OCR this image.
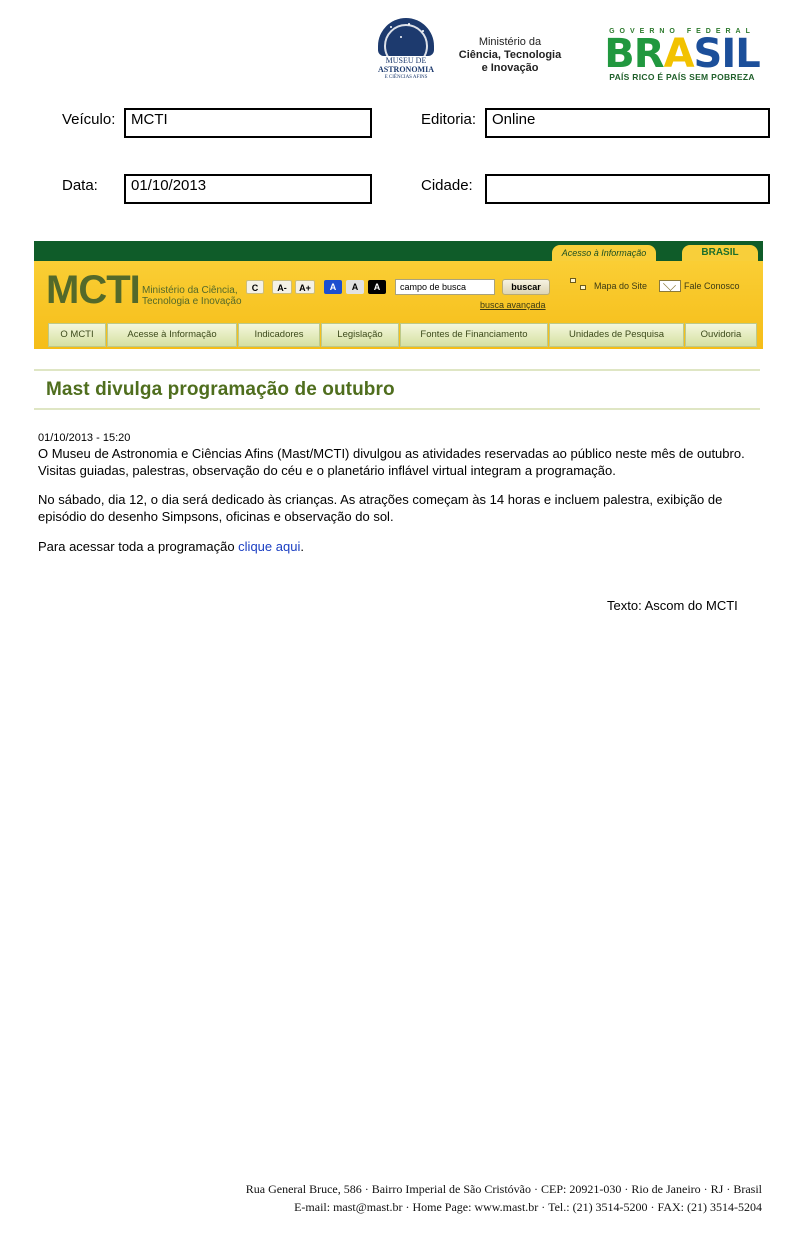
MUSEU DE
ASTRONOMIA
E CIÊNCIAS AFINS
Ministério da
Ciência, Tecnologia
e Inovação
GOVERNO FEDERAL
BRASIL
PAÍS RICO É PAÍS SEM POBREZA
Veículo:	MCTI	Editoria:	Online
Data:	01/10/2013	Cidade:
Acesso à Informação	BRASIL
MCTI Ministério da Ciência,
Tecnologia e Inovação
C	A-	A+	A	A	A
campo de busca	buscar
busca avançada
Mapa do Site	Fale Conosco
O MCTI	Acesse à Informação	Indicadores	Legislação	Fontes de Financiamento	Unidades de Pesquisa	Ouvidoria
Mast divulga programação de outubro
01/10/2013 - 15:20
O Museu de Astronomia e Ciências Afins (Mast/MCTI) divulgou as atividades reservadas ao público neste mês de outubro. Visitas guiadas, palestras, observação do céu e o planetário inflável virtual integram a programação.
No sábado, dia 12, o dia será dedicado às crianças. As atrações começam às 14 horas e incluem palestra, exibição de episódio do desenho Simpsons, oficinas e observação do sol.
Para acessar toda a programação clique aqui.
Texto: Ascom do MCTI
Rua General Bruce, 586 · Bairro Imperial de São Cristóvão · CEP: 20921-030 · Rio de Janeiro · RJ · Brasil
E-mail: mast@mast.br · Home Page: www.mast.br · Tel.: (21) 3514-5200 · FAX: (21) 3514-5204
